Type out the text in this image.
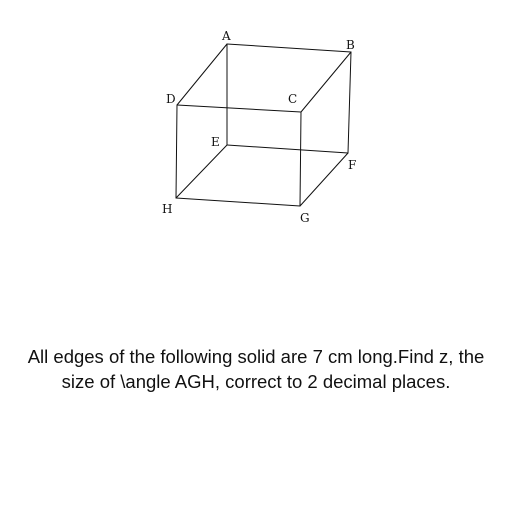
A
B
C
D
E
F
G
H
All edges of the following solid are 7 cm long.Find z, the size of \angle AGH, correct to 2 decimal places.
